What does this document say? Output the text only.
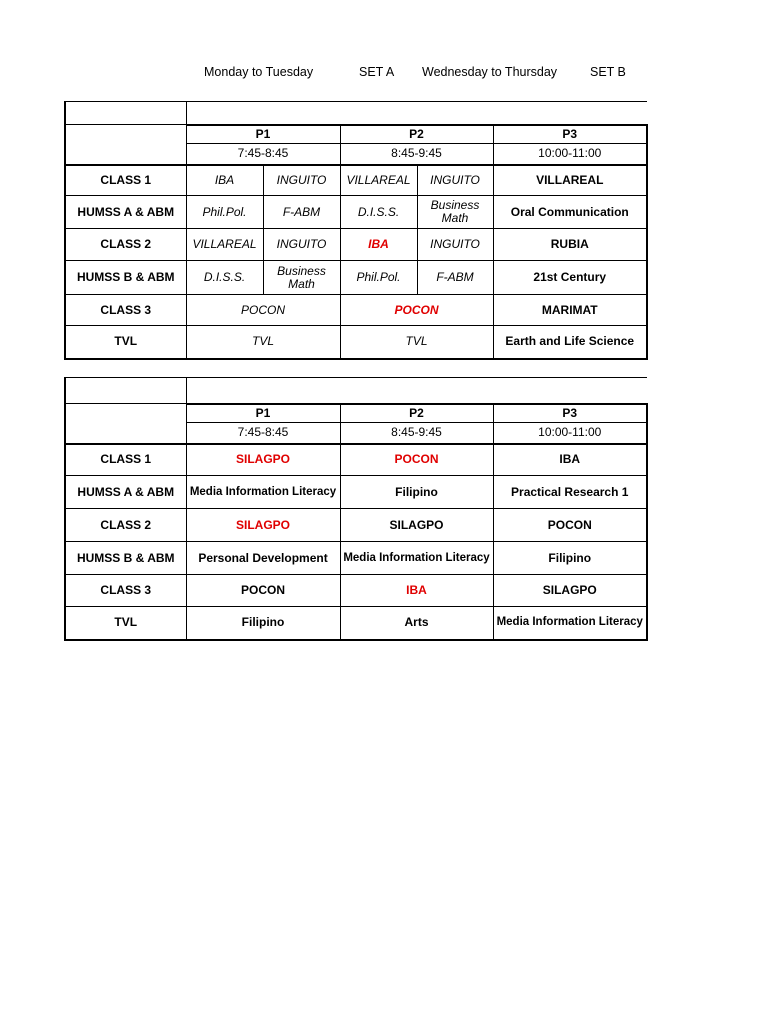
Monday to Tuesday	SET A Wednesday to Thursday	SET B

	P1		P2		P3
	7:45-8:45		8:45-9:45		10:00-11:00
CLASS 1	IBA	INGUITO	VILLAREAL	INGUITO	VILLAREAL
HUMSS A & ABM	Phil.Pol.	F-ABM	D.I.S.S.	Business Math	Oral Communication
CLASS 2	VILLAREAL	INGUITO	IBA	INGUITO	RUBIA
HUMSS B & ABM	D.I.S.S.	Business Math	Phil.Pol.	F-ABM	21st Century
CLASS 3	POCON		POCON		MARIMAT
TVL	TVL		TVL		Earth and Life Science

	P1	P2	P3
	7:45-8:45	8:45-9:45	10:00-11:00
CLASS 1	SILAGPO	POCON	IBA
HUMSS A & ABM	Media Information Literacy	Filipino	Practical Research 1
CLASS 2	SILAGPO	SILAGPO	POCON
HUMSS B & ABM	Personal Development	Media Information Literacy	Filipino
CLASS 3	POCON	IBA	SILAGPO
TVL	Filipino	Arts	Media Information Literacy
